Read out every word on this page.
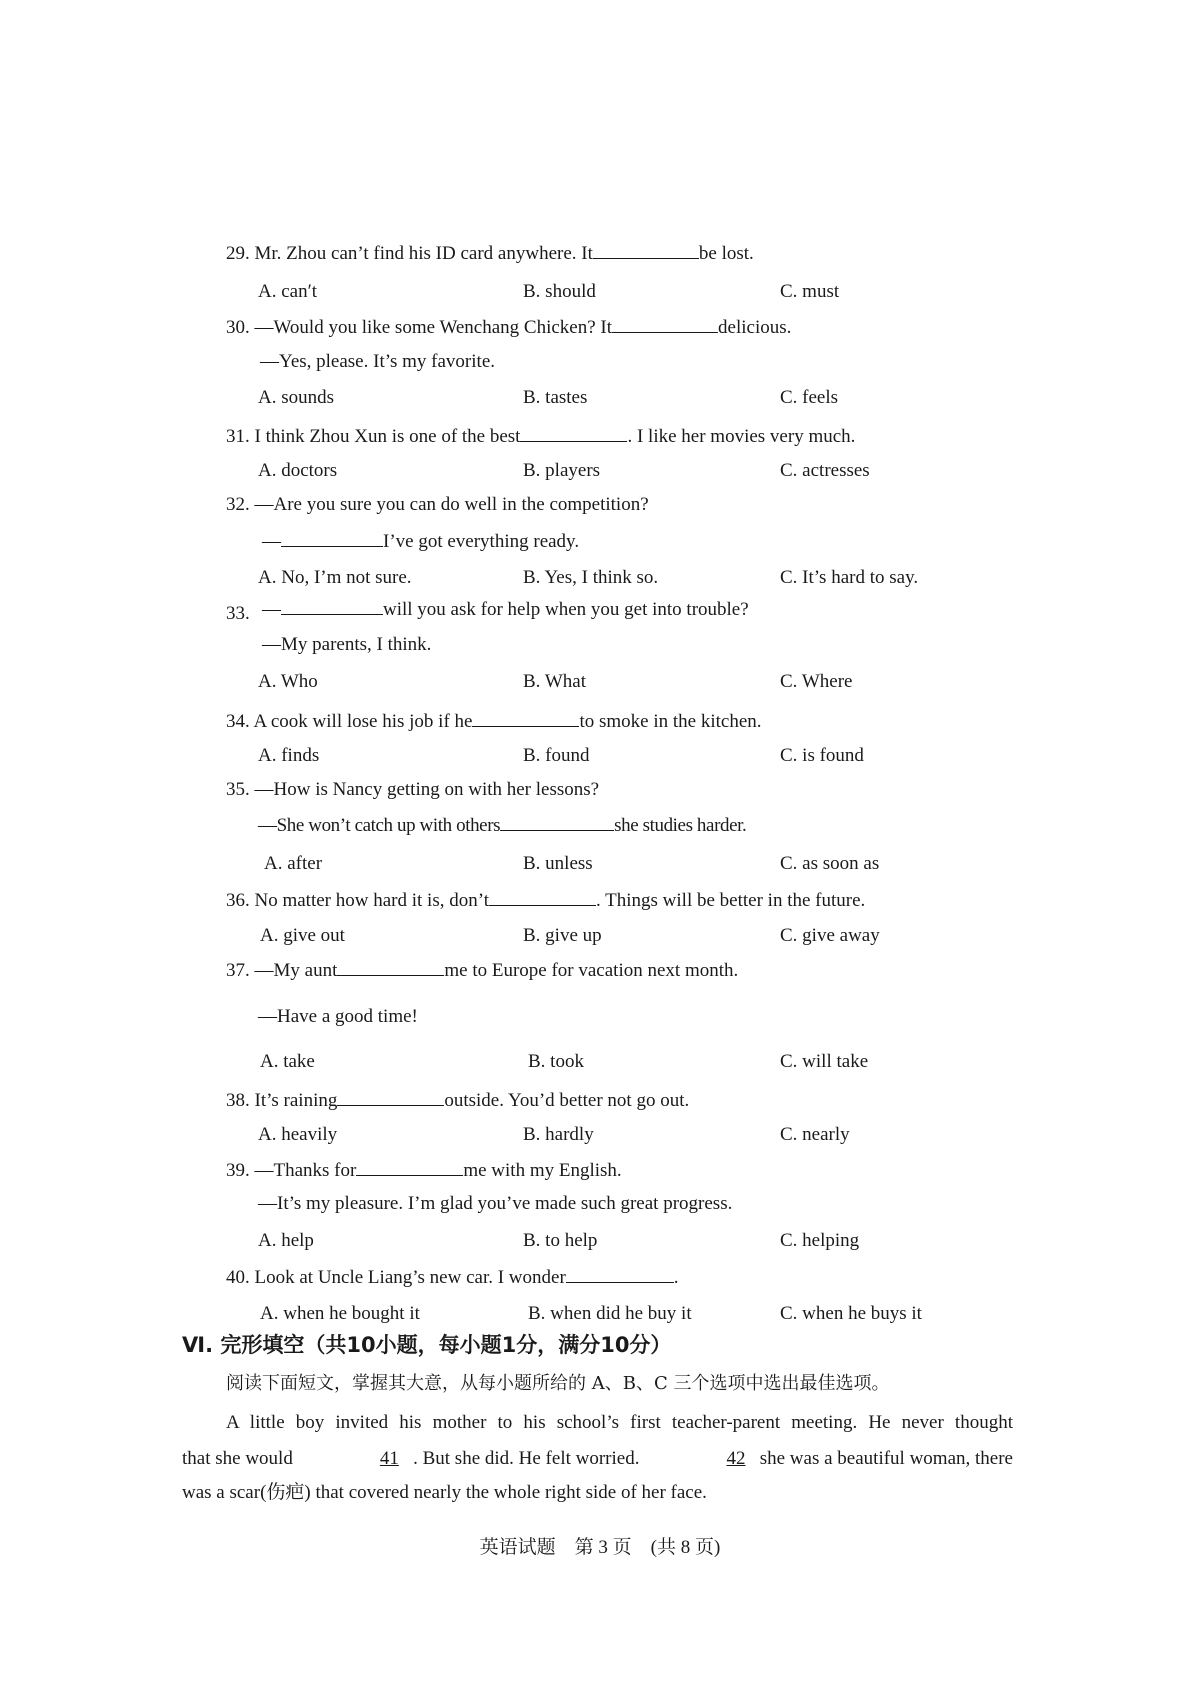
29. Mr. Zhou can’t find his ID card anywhere. It	be lost.
A. can′t	B. should	C. must
30. —Would you like some Wenchang Chicken? It	delicious.
—Yes, please. It’s my favorite.
A. sounds	B. tastes	C. feels
31. I think Zhou Xun is one of the best	. I like her movies very much.
A. doctors	B. players	C. actresses
32. —Are you sure you can do well in the competition?
—	I’ve got everything ready.
A. No, I’m not sure.	B. Yes, I think so.	C. It’s hard to say.
33. —	will you ask for help when you get into trouble?
—My parents, I think.
A. Who	B. What	C. Where
34. A cook will lose his job if he	to smoke in the kitchen.
A. finds	B. found	C. is found
35. —How is Nancy getting on with her lessons?
—She won’t catch up with others	she studies harder.
A. after	B. unless	C. as soon as
36. No matter how hard it is, don’t	. Things will be better in the future.
A. give out	B. give up	C. give away
37. —My aunt	me to Europe for vacation next month.
—Have a good time!
A. take	B. took	C. will take
38. It’s raining	outside. You’d better not go out.
A. heavily	B. hardly	C. nearly
39. —Thanks for	me with my English.
—It’s my pleasure. I’m glad you’ve made such great progress.
A. help	B. to help	C. helping
40. Look at Uncle Liang’s new car. I wonder	.
A. when he bought it	B. when did he buy it	C. when he buys it
Ⅵ. 完形填空（共10小题，每小题1分，满分10分）
阅读下面短文，掌握其大意，从每小题所给的 A、B、C 三个选项中选出最佳选项。
A little boy invited his mother to his school’s first teacher-parent meeting. He never thought
that she would	41 . But she did. He felt worried.	42 she was a beautiful woman, there
was a scar(伤疤) that covered nearly the whole right side of her face.
英语试题　第 3 页　(共 8 页)
